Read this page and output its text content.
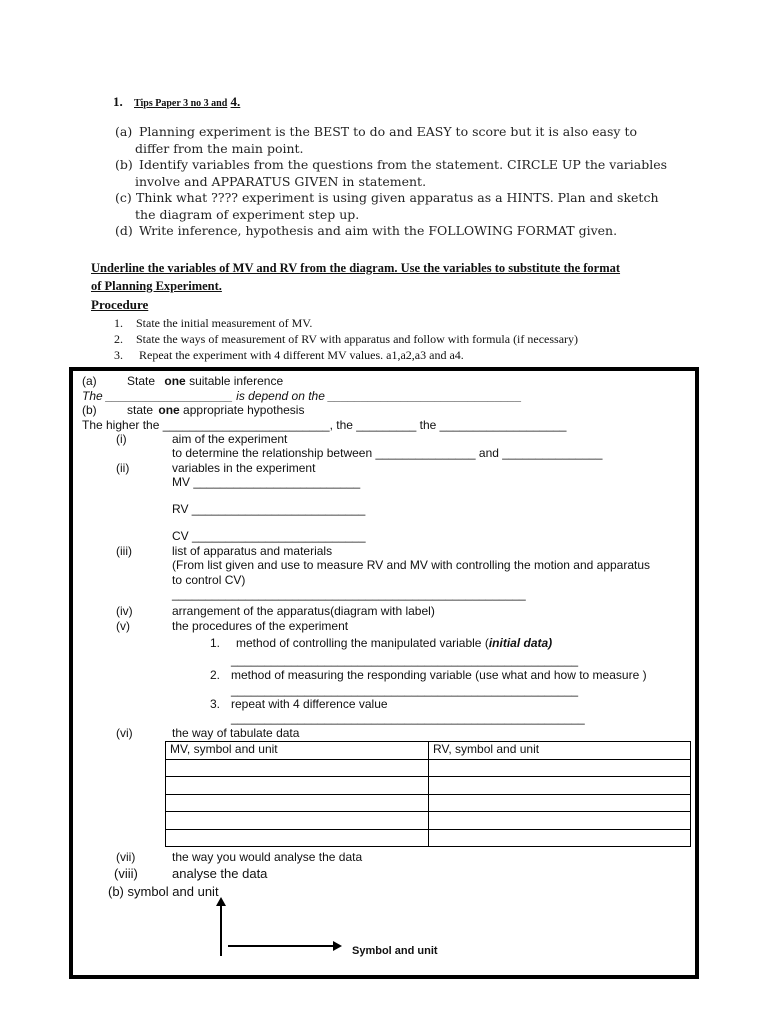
1. Tips Paper 3 no 3 and 4.
(a) Planning experiment is the BEST to do and EASY to score but it is also easy to
differ from the main point.
(b) Identify variables from the questions from the statement. CIRCLE UP the variables
involve and APPARATUS GIVEN in statement.
(c) Think what ???? experiment is using given apparatus as a HINTS. Plan and sketch
the diagram of experiment step up.
(d) Write inference, hypothesis and aim with the FOLLOWING FORMAT given.
Underline the variables of MV and RV from the diagram. Use the variables to substitute the format
of Planning Experiment.
Procedure
1. State the initial measurement of MV.
2. State the ways of measurement of RV with apparatus and follow with formula (if necessary)
3. Repeat the experiment with 4 different MV values. a1,a2,a3 and a4.
(a)	State one suitable inference
The ___________________ is depend on the _____________________________
(b)	state one appropriate hypothesis
The higher the _________________________, the _________ the ___________________
(i)	aim of the experiment
to determine the relationship between _______________ and _______________
(ii)	variables in the experiment
MV _________________________
RV __________________________
CV __________________________
(iii)	list of apparatus and materials
(From list given and use to measure RV and MV with controlling the motion and apparatus
to control CV)
_____________________________________________________
(iv)	arrangement of the apparatus(diagram with label)
(v)	the procedures of the experiment
1. method of controlling the manipulated variable (initial data)
____________________________________________________
2. method of measuring the responding variable (use what and how to measure )
____________________________________________________
3. repeat with 4 difference value
_____________________________________________________
(vi)	the way of tabulate data
MV, symbol and unit	RV, symbol and unit

(vii)	the way you would analyse the data
(viii)	analyse the data
(b) symbol and unit
Symbol and unit
